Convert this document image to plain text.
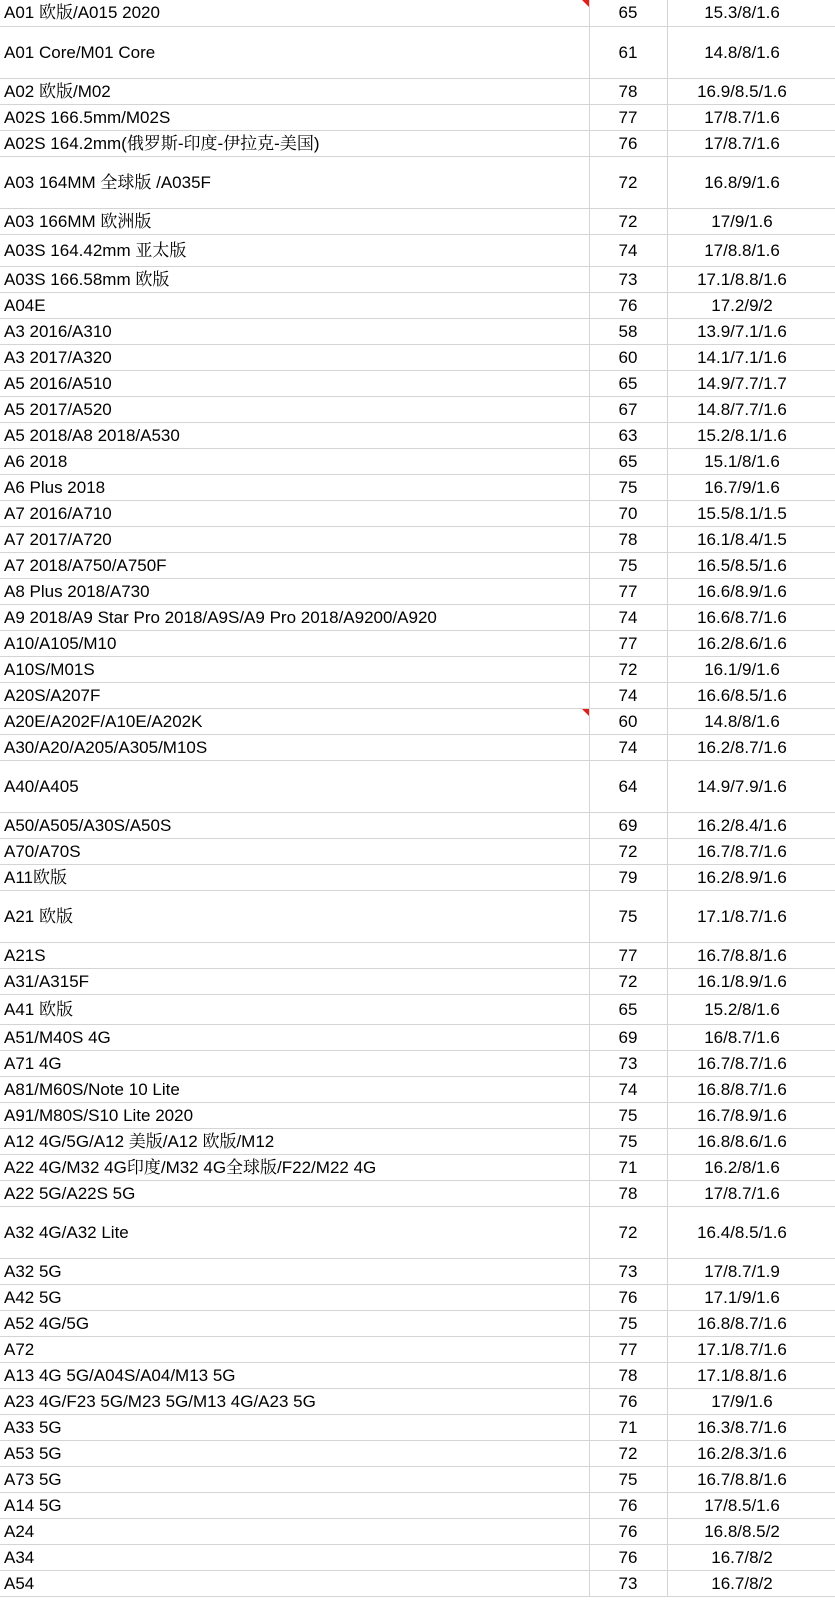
A01 欧版/A015 2020	65	15.3/8/1.6
A01 Core/M01 Core	61	14.8/8/1.6
A02 欧版/M02	78	16.9/8.5/1.6
A02S 166.5mm/M02S	77	17/8.7/1.6
A02S 164.2mm(俄罗斯-印度-伊拉克-美国)	76	17/8.7/1.6
A03 164MM 全球版 /A035F	72	16.8/9/1.6
A03 166MM 欧洲版	72	17/9/1.6
A03S 164.42mm 亚太版	74	17/8.8/1.6
A03S 166.58mm 欧版	73	17.1/8.8/1.6
A04E	76	17.2/9/2
A3 2016/A310	58	13.9/7.1/1.6
A3 2017/A320	60	14.1/7.1/1.6
A5 2016/A510	65	14.9/7.7/1.7
A5 2017/A520	67	14.8/7.7/1.6
A5 2018/A8 2018/A530	63	15.2/8.1/1.6
A6 2018	65	15.1/8/1.6
A6 Plus 2018	75	16.7/9/1.6
A7 2016/A710	70	15.5/8.1/1.5
A7 2017/A720	78	16.1/8.4/1.5
A7 2018/A750/A750F	75	16.5/8.5/1.6
A8 Plus 2018/A730	77	16.6/8.9/1.6
A9 2018/A9 Star Pro 2018/A9S/A9 Pro 2018/A9200/A920	74	16.6/8.7/1.6
A10/A105/M10	77	16.2/8.6/1.6
A10S/M01S	72	16.1/9/1.6
A20S/A207F	74	16.6/8.5/1.6
A20E/A202F/A10E/A202K	60	14.8/8/1.6
A30/A20/A205/A305/M10S	74	16.2/8.7/1.6
A40/A405	64	14.9/7.9/1.6
A50/A505/A30S/A50S	69	16.2/8.4/1.6
A70/A70S	72	16.7/8.7/1.6
A11欧版	79	16.2/8.9/1.6
A21 欧版	75	17.1/8.7/1.6
A21S	77	16.7/8.8/1.6
A31/A315F	72	16.1/8.9/1.6
A41 欧版	65	15.2/8/1.6
A51/M40S 4G	69	16/8.7/1.6
A71 4G	73	16.7/8.7/1.6
A81/M60S/Note 10 Lite	74	16.8/8.7/1.6
A91/M80S/S10 Lite 2020	75	16.7/8.9/1.6
A12 4G/5G/A12 美版/A12 欧版/M12	75	16.8/8.6/1.6
A22 4G/M32 4G印度/M32 4G全球版/F22/M22 4G	71	16.2/8/1.6
A22 5G/A22S 5G	78	17/8.7/1.6
A32 4G/A32 Lite	72	16.4/8.5/1.6
A32 5G	73	17/8.7/1.9
A42 5G	76	17.1/9/1.6
A52 4G/5G	75	16.8/8.7/1.6
A72	77	17.1/8.7/1.6
A13 4G 5G/A04S/A04/M13 5G	78	17.1/8.8/1.6
A23 4G/F23 5G/M23 5G/M13 4G/A23 5G	76	17/9/1.6
A33 5G	71	16.3/8.7/1.6
A53 5G	72	16.2/8.3/1.6
A73 5G	75	16.7/8.8/1.6
A14 5G	76	17/8.5/1.6
A24	76	16.8/8.5/2
A34	76	16.7/8/2
A54	73	16.7/8/2
